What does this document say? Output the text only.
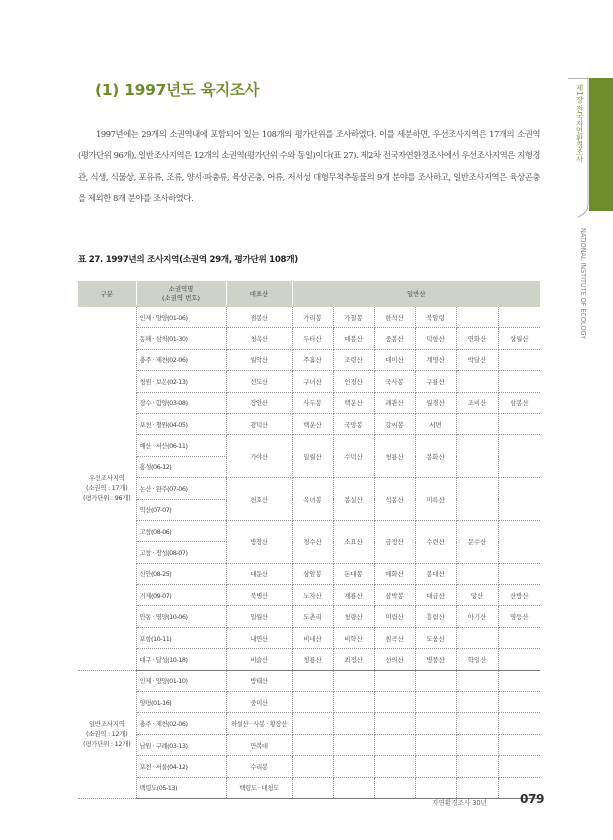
(1) 1997년도 육지조사

1997년에는 29개의 소권역내에 포함되어 있는 108개의 평가단위를 조사하였다. 이를 세분하면, 우선조사지역은 17개의 소권역(평가단위 96개), 일반조사지역은 12개의 소권역(평가단위 수와 동일)이다(표 27). 제2차 전국자연환경조사에서 우선조사지역은 지형경관, 식생, 식물상, 포유류, 조류, 양서·파충류, 육상곤충, 어류, 저서성 대형무척추동물의 9개 분야를 조사하고, 일반조사지역은 육상곤충을 제외한 8개 분야를 조사하였다.

표 27. 1997년의 조사지역(소권역 29개, 평가단위 108개)
구분	소권역명
(소권역 번호)	대표산	일반산					
우선조사지역
(소권역 : 17개)
(평가단위 : 96개)	인제 · 양양(01-06)	점봉산	가리봉	가칠봉	한석산	북암령		
	동해 · 삼척(01-30)	청옥산	두타산	매봉산	중봉산	덕항산	연화산	상월산
	충주 · 제천(02-06)	월악산	주흘산	조령산	대미산	계명산	박달산	
	청원 · 보은(02-13)	선도산	구녀산	인경산	국사봉	구룡산		
	장수 · 함양(03-08)	장안산	사두봉	백운산	괘관산	월경산	조비산	삼봉산
	포천 · 철원(04-05)	광덕산	백운산	국망봉	강씨봉	서면		
	예산 · 서산(06-11)	가야산	일월산	수덕산	청룡산	봉화산		
	홍성(06-12)							
	논산 · 완주(07-06)	천호산	옥녀봉	봉실산	석봉산	미륵산		
	익산(07-07)							
	고창(08-06)	방장산	경수산	소요산	금정산	수련산	문수산	
	고창 · 장성(08-07)							
	신안(08-25)	대둔산	삼암봉	돈대봉	매화산	봉대산		
	거제(09-07)	북병산	노자산	계룡산	삼박봉	대금산	망산	산방산
	안동 · 영양(10-06)	일월산	도촌리	청량산	미림산	흥림산	아기산	영등산
	포항(10-11)	내연산	비네산	비학산	침곡산	도움산		
	대구 · 달성(10-18)	비슬산	청룡산	최정산	선의산	병풍산	학일산	
일반조사지역
(소권역 : 12개)
(평가단위 : 12개)	인제 · 양양(01-10)	방태산						
	양평(01-16)	중미산						
	충주 · 제천(02-06)	하설산 · 사봉 · 황장산						
	남원 · 구례(03-13)	만복대						
	포천 · 서울(04-12)	수리봉						
	백령도(05-13)	백령도 · 대청도						
제1장 전국자연환경조사
NATIONAL INSTITUTE OF ECOLOGY
자연환경조사 30년	079
